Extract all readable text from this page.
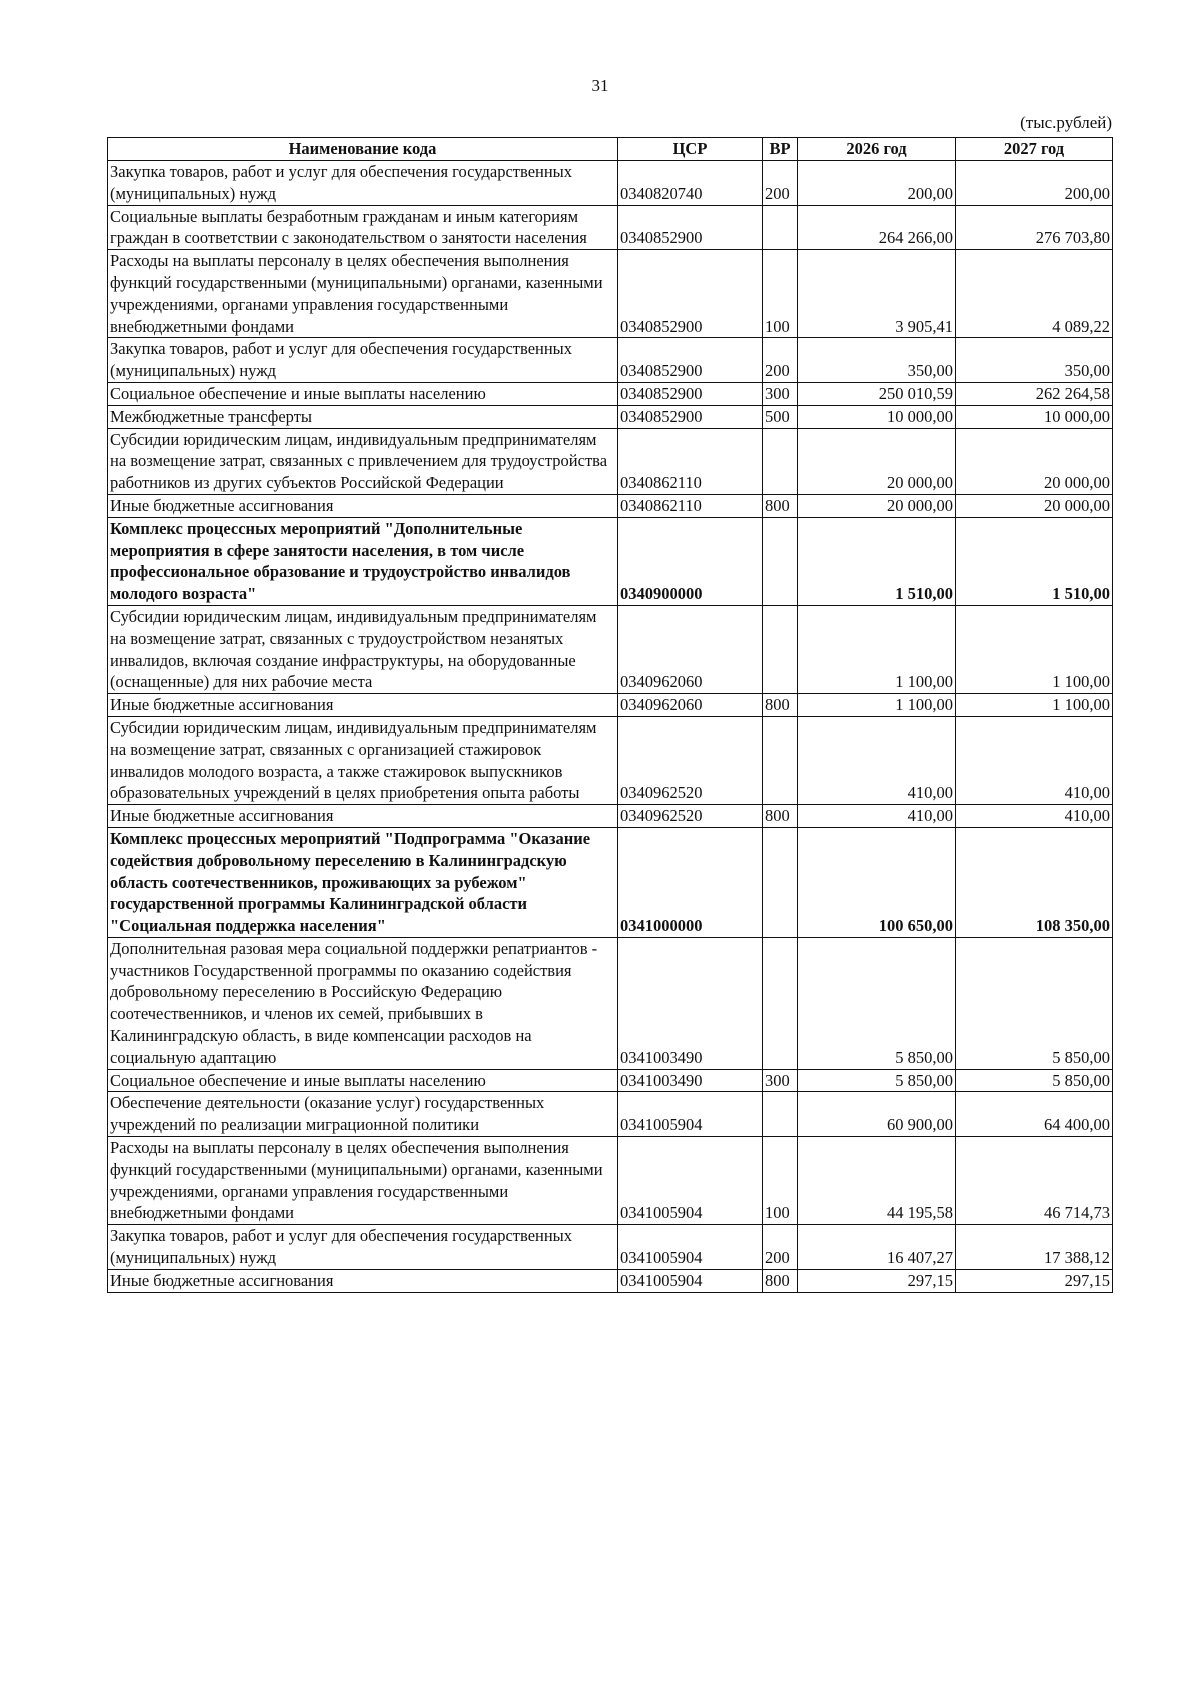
31
(тыс.рублей)
Наименование кода	ЦСР	ВР	2026 год	2027 год
Закупка товаров, работ и услуг для обеспечения государственных (муниципальных) нужд	0340820740	200	200,00	200,00
Социальные выплаты безработным гражданам и иным категориям граждан в соответствии с законодательством о занятости населения	0340852900		264 266,00	276 703,80
Расходы на выплаты персоналу в целях обеспечения выполнения функций государственными (муниципальными) органами, казенными учреждениями, органами управления государственными внебюджетными фондами	0340852900	100	3 905,41	4 089,22
Закупка товаров, работ и услуг для обеспечения государственных (муниципальных) нужд	0340852900	200	350,00	350,00
Социальное обеспечение и иные выплаты населению	0340852900	300	250 010,59	262 264,58
Межбюджетные трансферты	0340852900	500	10 000,00	10 000,00
Субсидии юридическим лицам, индивидуальным предпринимателям на возмещение затрат, связанных с привлечением для трудоустройства работников из других субъектов Российской Федерации	0340862110		20 000,00	20 000,00
Иные бюджетные ассигнования	0340862110	800	20 000,00	20 000,00
Комплекс процессных мероприятий "Дополнительные мероприятия в сфере занятости населения, в том числе профессиональное образование и трудоустройство инвалидов молодого возраста"	0340900000		1 510,00	1 510,00
Субсидии юридическим лицам, индивидуальным предпринимателям на возмещение затрат, связанных с трудоустройством незанятых инвалидов, включая создание инфраструктуры, на оборудованные (оснащенные) для них рабочие места	0340962060		1 100,00	1 100,00
Иные бюджетные ассигнования	0340962060	800	1 100,00	1 100,00
Субсидии юридическим лицам, индивидуальным предпринимателям на возмещение затрат, связанных с организацией стажировок инвалидов молодого возраста, а также стажировок выпускников образовательных учреждений в целях приобретения опыта работы	0340962520		410,00	410,00
Иные бюджетные ассигнования	0340962520	800	410,00	410,00
Комплекс процессных мероприятий "Подпрограмма "Оказание содействия добровольному переселению в Калининградскую область соотечественников, проживающих за рубежом" государственной программы Калининградской области "Социальная поддержка населения"	0341000000		100 650,00	108 350,00
Дополнительная разовая мера социальной поддержки репатриантов - участников Государственной программы по оказанию содействия добровольному переселению в Российскую Федерацию соотечественников, и членов их семей, прибывших в Калининградскую область, в виде компенсации расходов на социальную адаптацию	0341003490		5 850,00	5 850,00
Социальное обеспечение и иные выплаты населению	0341003490	300	5 850,00	5 850,00
Обеспечение деятельности (оказание услуг) государственных учреждений по реализации миграционной политики	0341005904		60 900,00	64 400,00
Расходы на выплаты персоналу в целях обеспечения выполнения функций государственными (муниципальными) органами, казенными учреждениями, органами управления государственными внебюджетными фондами	0341005904	100	44 195,58	46 714,73
Закупка товаров, работ и услуг для обеспечения государственных (муниципальных) нужд	0341005904	200	16 407,27	17 388,12
Иные бюджетные ассигнования	0341005904	800	297,15	297,15
